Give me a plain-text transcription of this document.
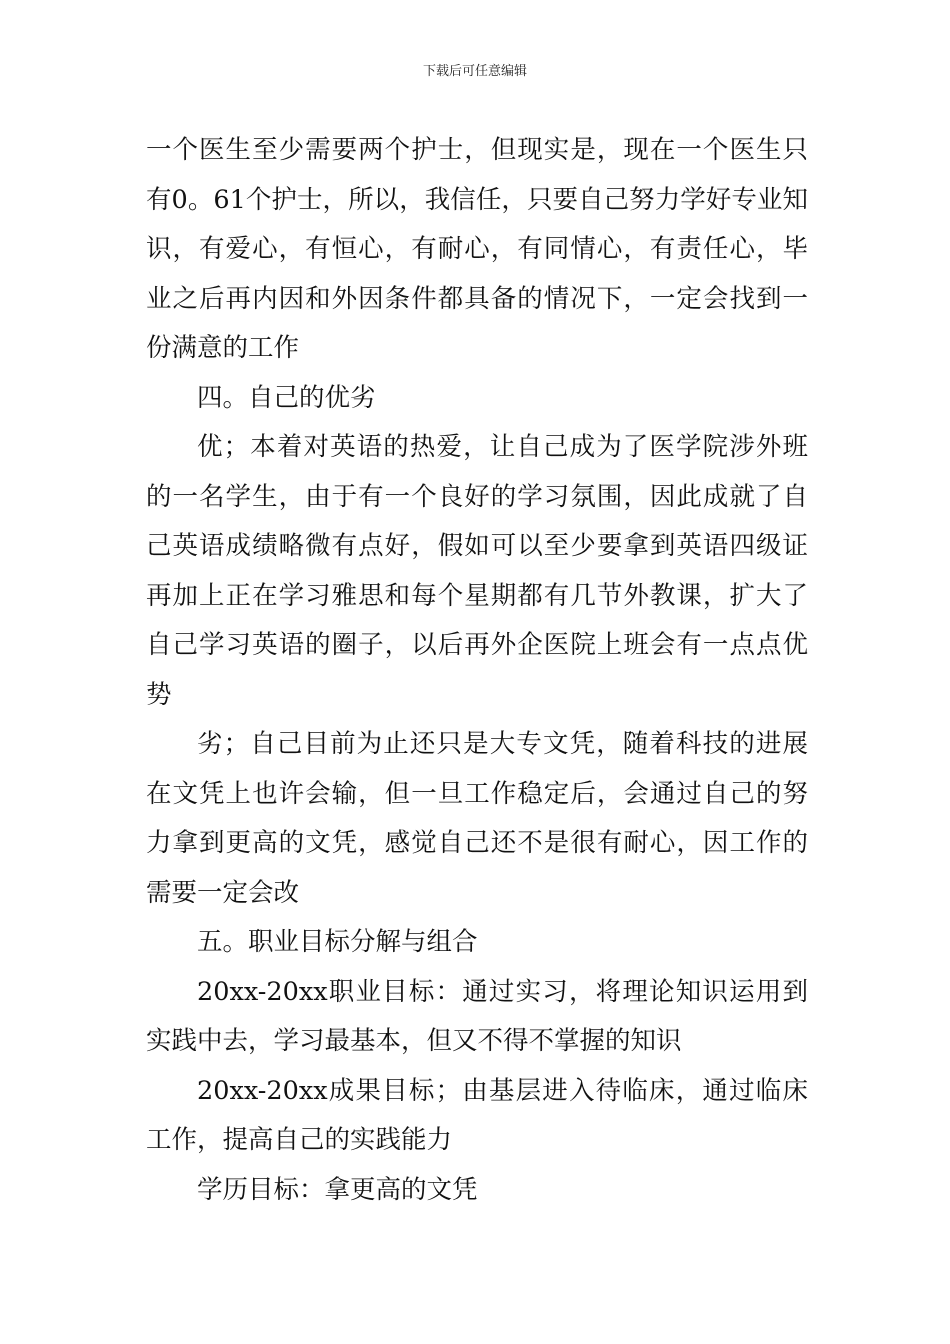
下载后可任意编辑

一个医生至少需要两个护士，但现实是，现在一个医生只有0。61个护士，所以，我信任，只要自己努力学好专业知识，有爱心，有恒心，有耐心，有同情心，有责任心，毕业之后再内因和外因条件都具备的情况下，一定会找到一份满意的工作

四。自己的优劣

优；本着对英语的热爱，让自己成为了医学院涉外班的一名学生，由于有一个良好的学习氛围，因此成就了自己英语成绩略微有点好，假如可以至少要拿到英语四级证再加上正在学习雅思和每个星期都有几节外教课，扩大了自己学习英语的圈子，以后再外企医院上班会有一点点优势

劣；自己目前为止还只是大专文凭，随着科技的进展在文凭上也许会输，但一旦工作稳定后，会通过自己的努力拿到更高的文凭，感觉自己还不是很有耐心，因工作的需要一定会改

五。职业目标分解与组合

20xx-20xx职业目标：通过实习，将理论知识运用到实践中去，学习最基本，但又不得不掌握的知识

20xx-20xx成果目标；由基层进入待临床，通过临床工作，提高自己的实践能力

学历目标：拿更高的文凭
